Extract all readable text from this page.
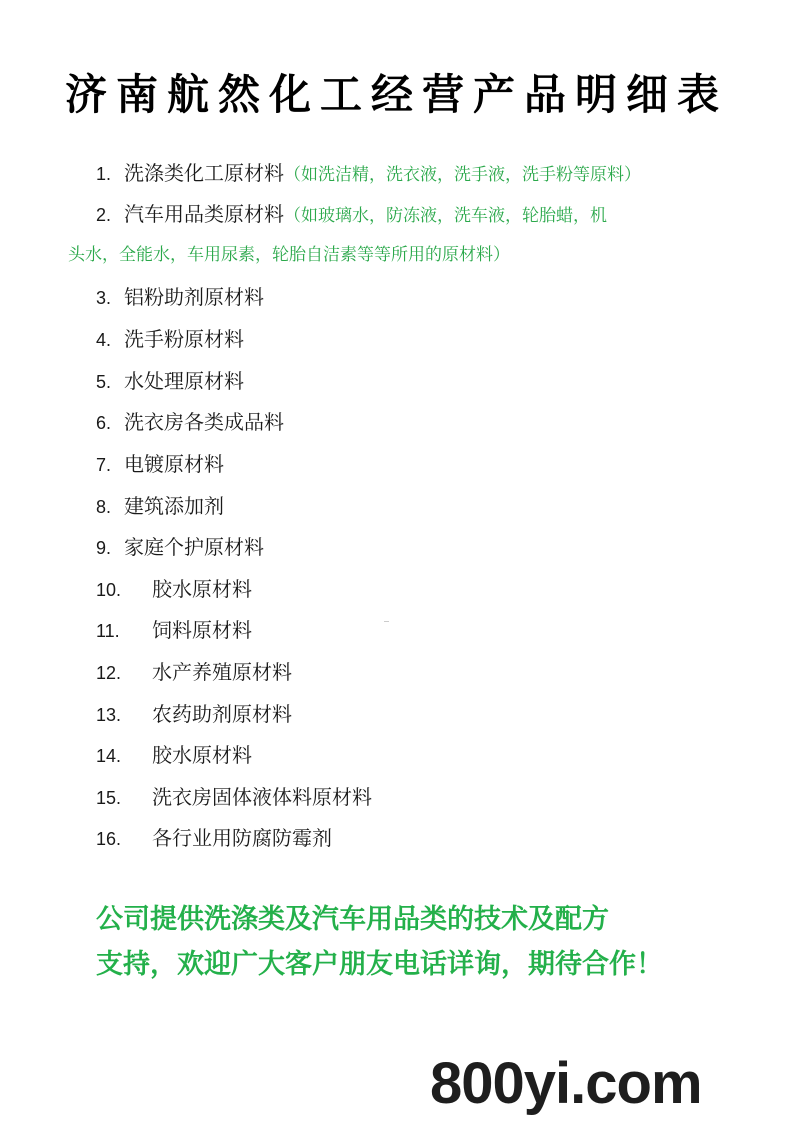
济南航然化工经营产品明细表
1. 洗涤类化工原材料（如洗洁精，洗衣液，洗手液，洗手粉等原料）
2. 汽车用品类原材料（如玻璃水，防冻液，洗车液，轮胎蜡，机
头水，全能水，车用尿素，轮胎自洁素等等所用的原材料）
3. 铝粉助剂原材料
4. 洗手粉原材料
5. 水处理原材料
6. 洗衣房各类成品料
7. 电镀原材料
8. 建筑添加剂
9. 家庭个护原材料
10. 胶水原材料
11. 饲料原材料
12. 水产养殖原材料
13. 农药助剂原材料
14. 胶水原材料
15. 洗衣房固体液体料原材料
16. 各行业用防腐防霉剂
公司提供洗涤类及汽车用品类的技术及配方
支持，欢迎广大客户朋友电话详询，期待合作！
800yi.com
